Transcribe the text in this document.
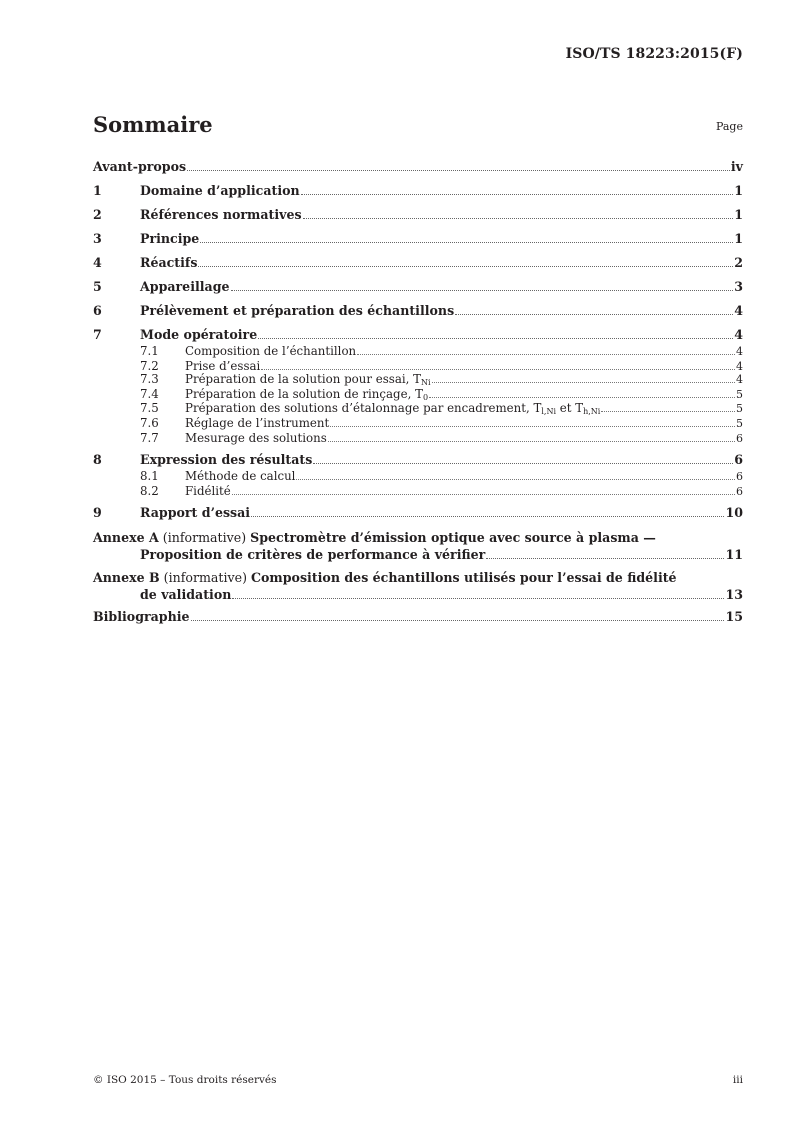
ISO/TS 18223:2015(F)
Sommaire	Page
Avant-propos	iv
1	Domaine d’application	1
2	Références normatives	1
3	Principe	1
4	Réactifs	2
5	Appareillage	3
6	Prélèvement et préparation des échantillons	4
7	Mode opératoire	4
7.1	Composition de l’échantillon	4
7.2	Prise d’essai	4
7.3	Préparation de la solution pour essai, $T_{Ni}$	4
7.4	Préparation de la solution de rinçage, $T_0$	5
7.5	Préparation des solutions d’étalonnage par encadrement, $T_{l,Ni}$ et $T_{h,Ni}$	5
7.6	Réglage de l’instrument	5
7.7	Mesurage des solutions	6
8	Expression des résultats	6
8.1	Méthode de calcul	6
8.2	Fidélité	6
9	Rapport d’essai	10
Annexe A (informative) Spectromètre d’émission optique avec source à plasma —
Proposition de critères de performance à vérifier	11
Annexe B (informative) Composition des échantillons utilisés pour l’essai de fidélité
de validation	13
Bibliographie	15
© ISO 2015 – Tous droits réservés	iii
